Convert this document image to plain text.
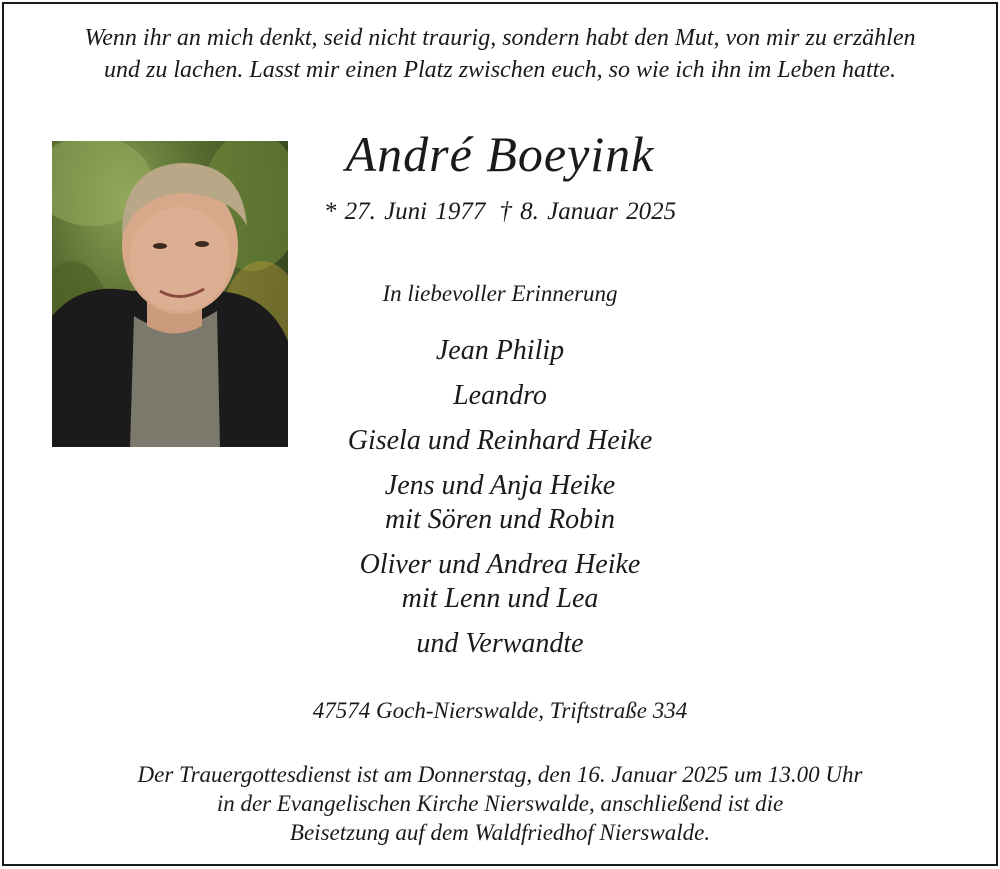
Wenn ihr an mich denkt, seid nicht traurig, sondern habt den Mut, von mir zu erzählen
und zu lachen. Lasst mir einen Platz zwischen euch, so wie ich ihn im Leben hatte.
André Boeyink
* 27. Juni 1977 † 8. Januar 2025
In liebevoller Erinnerung
Jean Philip
Leandro
Gisela und Reinhard Heike
Jens und Anja Heike
mit Sören und Robin
Oliver und Andrea Heike
mit Lenn und Lea
und Verwandte
47574 Goch-Nierswalde, Triftstraße 334
Der Trauergottesdienst ist am Donnerstag, den 16. Januar 2025 um 13.00 Uhr
in der Evangelischen Kirche Nierswalde, anschließend ist die
Beisetzung auf dem Waldfriedhof Nierswalde.
